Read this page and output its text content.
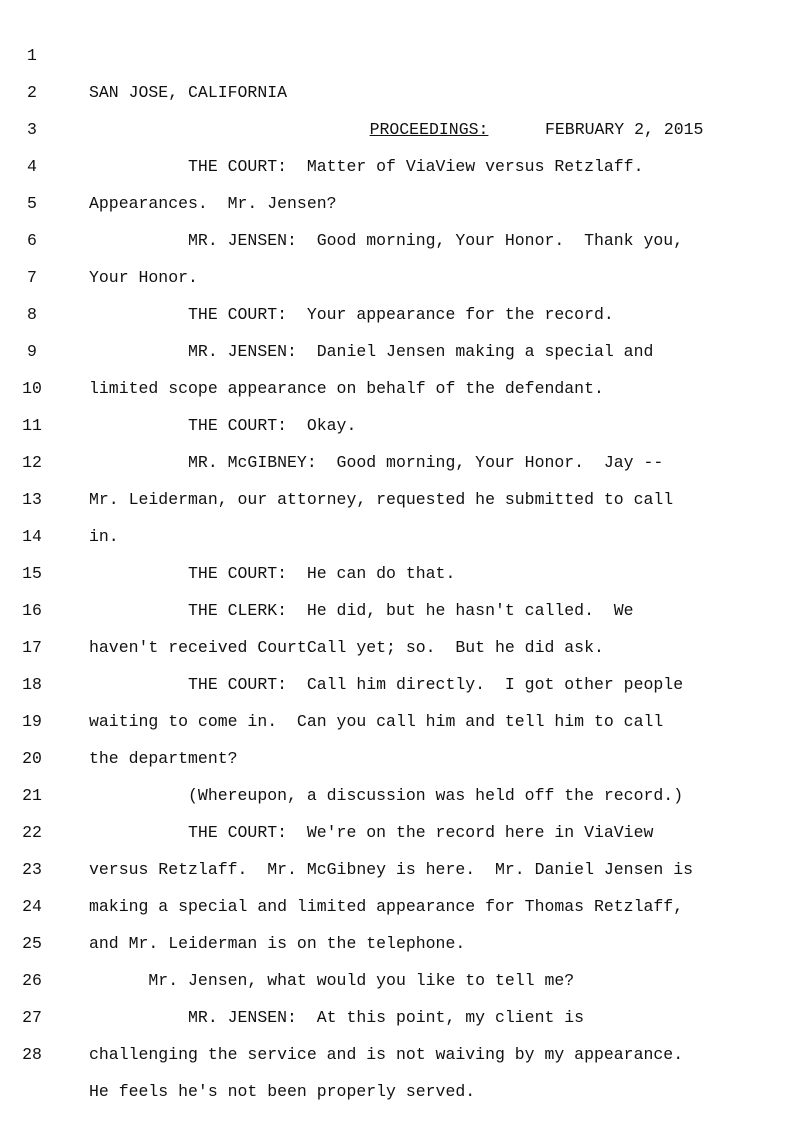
1

SAN JOSE, CALIFORNIA

FEBRUARY 2, 2015

2

PROCEEDINGS:

3

THE COURT:  Matter of ViaView versus Retzlaff.

4

Appearances.  Mr. Jensen?

5

MR. JENSEN:  Good morning, Your Honor.  Thank you,

6

Your Honor.

7

THE COURT:  Your appearance for the record.

8

MR. JENSEN:  Daniel Jensen making a special and

9

limited scope appearance on behalf of the defendant.

10

THE COURT:  Okay.

11

MR. McGIBNEY:  Good morning, Your Honor.  Jay --

12

Mr. Leiderman, our attorney, requested he submitted to call

13

in.

14

THE COURT:  He can do that.

15

THE CLERK:  He did, but he hasn't called.  We

16

haven't received CourtCall yet; so.  But he did ask.

17

THE COURT:  Call him directly.  I got other people

18

waiting to come in.  Can you call him and tell him to call

19

the department?

20

(Whereupon, a discussion was held off the record.)

21

THE COURT:  We're on the record here in ViaView

22

versus Retzlaff.  Mr. McGibney is here.  Mr. Daniel Jensen is

23

making a special and limited appearance for Thomas Retzlaff,

24

and Mr. Leiderman is on the telephone.

25

Mr. Jensen, what would you like to tell me?

26

MR. JENSEN:  At this point, my client is

27

challenging the service and is not waiving by my appearance.

28

He feels he's not been properly served.
